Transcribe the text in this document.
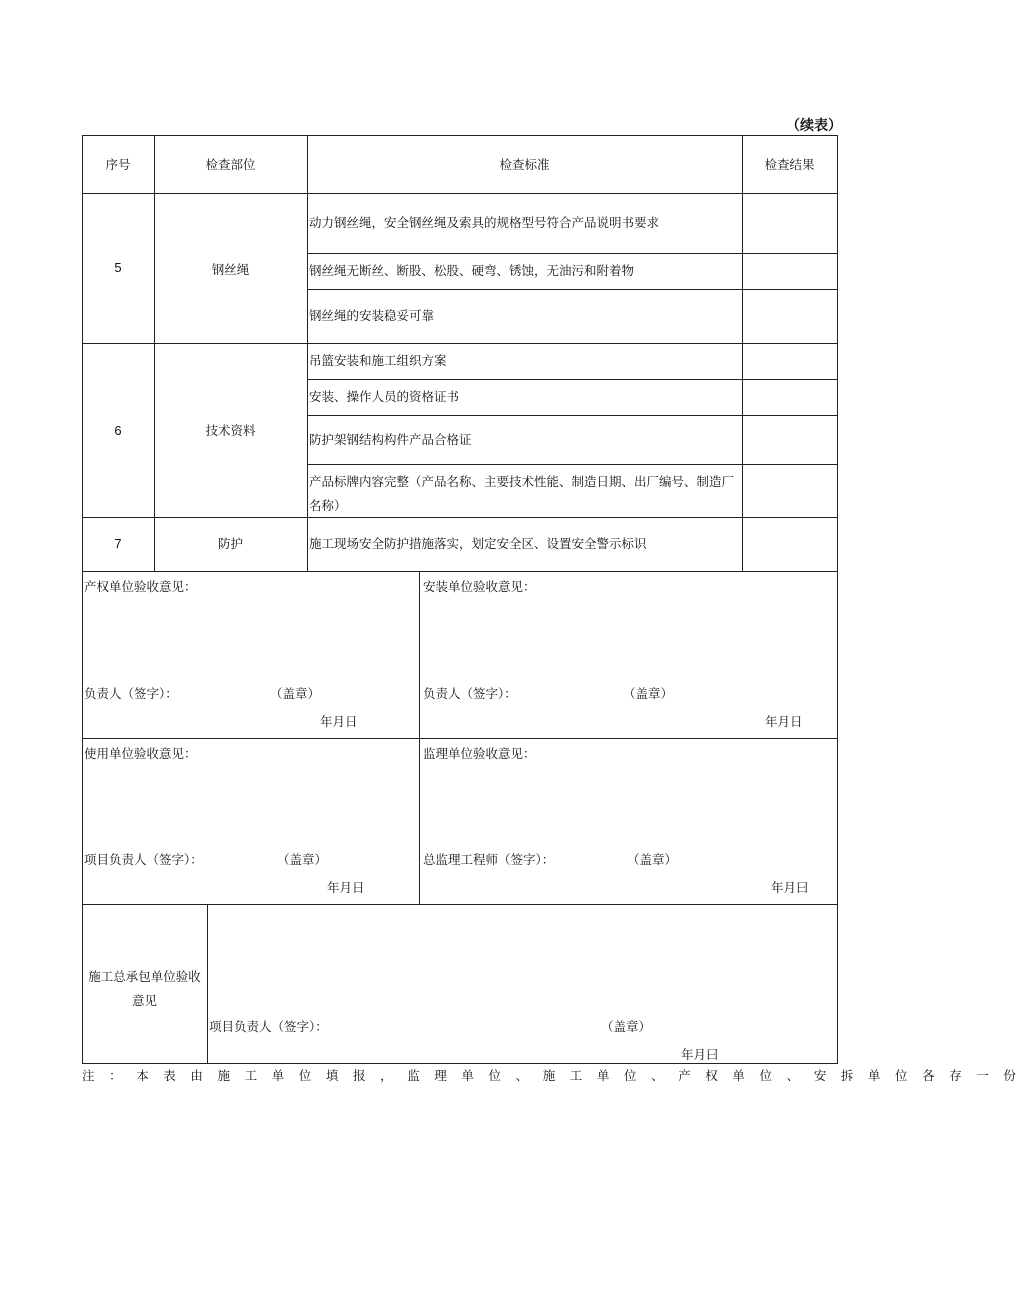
（续表）
序号	检查部位	检查标准	检查结果
5	钢丝绳
动力钢丝绳，安全钢丝绳及索具的规格型号符合产品说明书要求
钢丝绳无断丝、断股、松股、硬弯、锈蚀，无油污和附着物
钢丝绳的安装稳妥可靠
6	技术资料
吊篮安装和施工组织方案
安装、操作人员的资格证书
防护架钢结构构件产品合格证
产品标牌内容完整（产品名称、主要技术性能、制造日期、出厂编号、制造厂名称）
7	防护	施工现场安全防护措施落实，划定安全区、设置安全警示标识
产权单位验收意见：
负责人（签字）：	（盖章）
年月日
安装单位验收意见：
负责人（签字）：	（盖章）
年月日
使用单位验收意见：
项目负责人（签字）：	（盖章）
年月日
监理单位验收意见：
总监理工程师（签字）：	（盖章）
年月曰
施工总承包单位验收意见
项目负责人（签字）：	（盖章）
年月曰
注：本表由施工单位填报，监理单位、施工单位、产权单位、安拆单位各存一份
